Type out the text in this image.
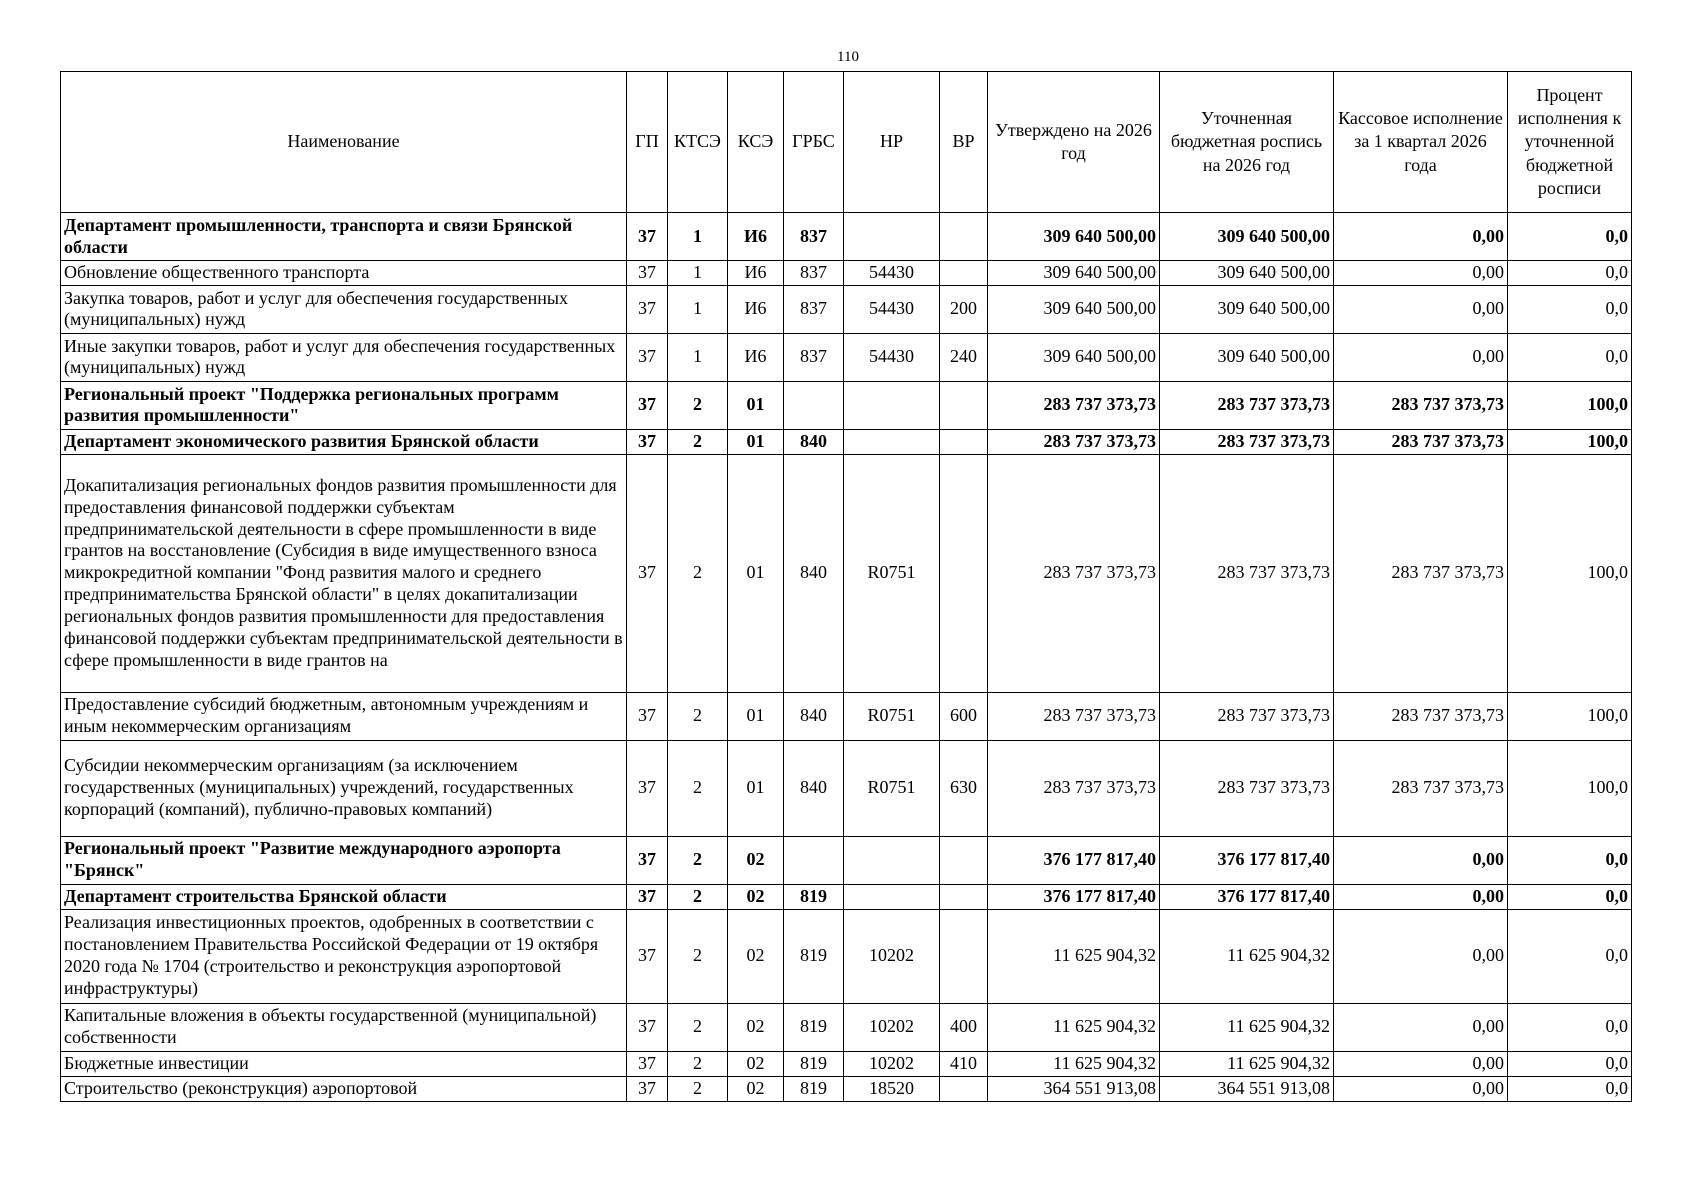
110
Наименование	ГП	КТСЭ	КСЭ	ГРБС	НР	ВР	Утверждено на 2026 год	Уточненная бюджетная роспись на 2026 год	Кассовое исполнение за 1 квартал 2026 года	Процент исполнения к уточненной бюджетной росписи
Департамент промышленности, транспорта и связи Брянской области	37	1	И6	837			309 640 500,00	309 640 500,00	0,00	0,0
Обновление общественного транспорта	37	1	И6	837	54430		309 640 500,00	309 640 500,00	0,00	0,0
Закупка товаров, работ и услуг для обеспечения государственных (муниципальных) нужд	37	1	И6	837	54430	200	309 640 500,00	309 640 500,00	0,00	0,0
Иные закупки товаров, работ и услуг для обеспечения государственных (муниципальных) нужд	37	1	И6	837	54430	240	309 640 500,00	309 640 500,00	0,00	0,0
Региональный проект "Поддержка региональных программ развития промышленности"	37	2	01				283 737 373,73	283 737 373,73	283 737 373,73	100,0
Департамент экономического развития Брянской области	37	2	01	840			283 737 373,73	283 737 373,73	283 737 373,73	100,0
Докапитализация региональных фондов развития промышленности для предоставления финансовой поддержки субъектам предпринимательской деятельности в сфере промышленности в виде грантов на восстановление (Субсидия в виде имущественного взноса микрокредитной компании "Фонд развития малого и среднего предпринимательства Брянской области" в целях докапитализации региональных фондов развития промышленности для предоставления финансовой поддержки субъектам предпринимательской деятельности в сфере промышленности в виде грантов на	37	2	01	840	R0751		283 737 373,73	283 737 373,73	283 737 373,73	100,0
Предоставление субсидий бюджетным, автономным учреждениям и иным некоммерческим организациям	37	2	01	840	R0751	600	283 737 373,73	283 737 373,73	283 737 373,73	100,0
Субсидии некоммерческим организациям (за исключением государственных (муниципальных) учреждений, государственных корпораций (компаний), публично-правовых компаний)	37	2	01	840	R0751	630	283 737 373,73	283 737 373,73	283 737 373,73	100,0
Региональный проект "Развитие международного аэропорта "Брянск"	37	2	02				376 177 817,40	376 177 817,40	0,00	0,0
Департамент строительства Брянской области	37	2	02	819			376 177 817,40	376 177 817,40	0,00	0,0
Реализация инвестиционных проектов, одобренных в соответствии с постановлением Правительства Российской Федерации от 19 октября 2020 года № 1704 (строительство и реконструкция аэропортовой инфраструктуры)	37	2	02	819	10202		11 625 904,32	11 625 904,32	0,00	0,0
Капитальные вложения в объекты государственной (муниципальной) собственности	37	2	02	819	10202	400	11 625 904,32	11 625 904,32	0,00	0,0
Бюджетные инвестиции	37	2	02	819	10202	410	11 625 904,32	11 625 904,32	0,00	0,0
Строительство (реконструкция) аэропортовой	37	2	02	819	18520		364 551 913,08	364 551 913,08	0,00	0,0
